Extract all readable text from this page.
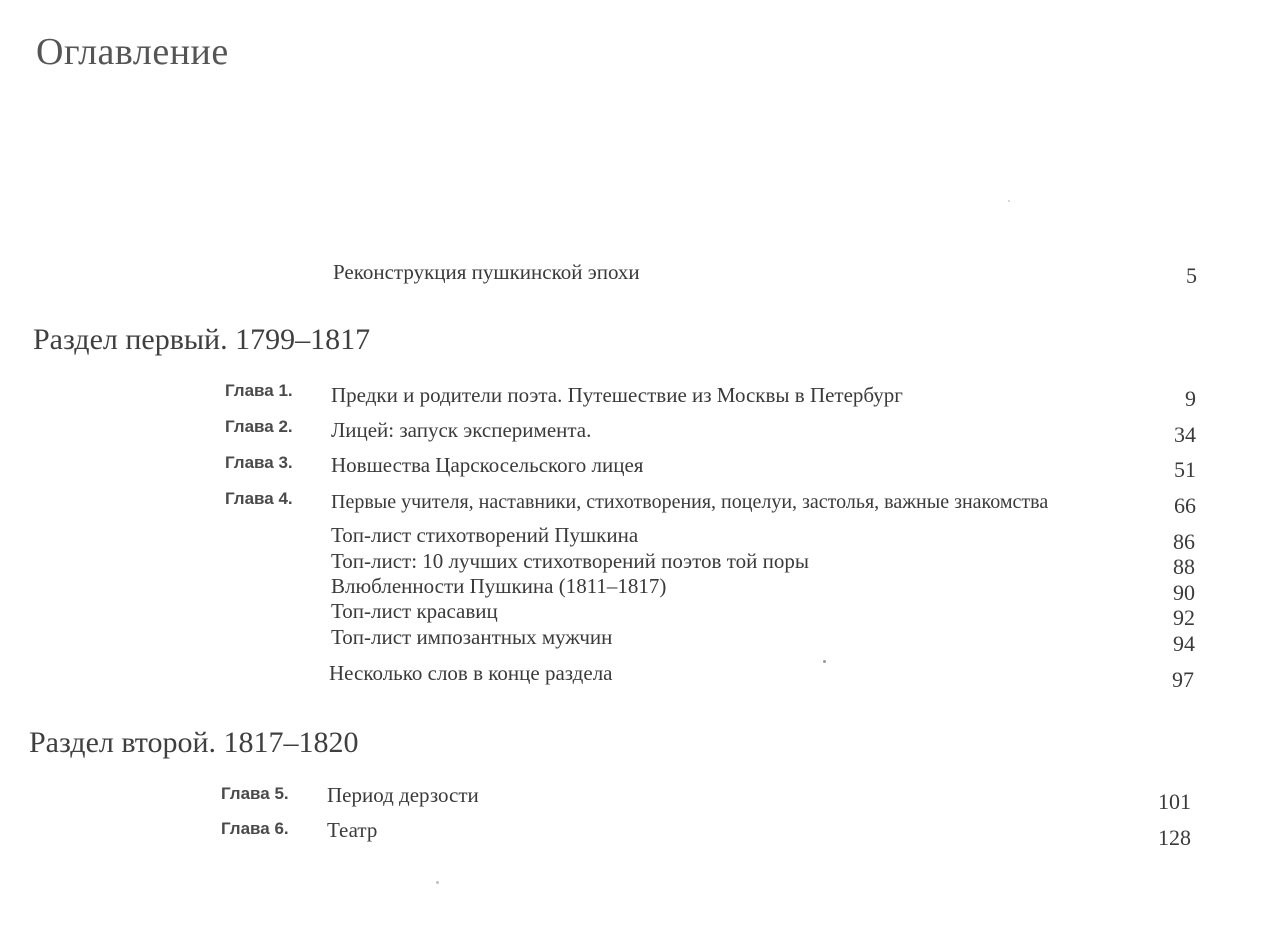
Оглавление
Реконструкция пушкинской эпохи	5
Раздел первый. 1799–1817
Глава 1. Предки и родители поэта. Путешествие из Москвы в Петербург	9
Глава 2. Лицей: запуск эксперимента.	34
Глава 3. Новшества Царскосельского лицея	51
Глава 4. Первые учителя, наставники, стихотворения, поцелуи, застолья, важные знакомства	66
Топ-лист стихотворений Пушкина	86
Топ-лист: 10 лучших стихотворений поэтов той поры	88
Влюбленности Пушкина (1811–1817)	90
Топ-лист красавиц	92
Топ-лист импозантных мужчин	94
Несколько слов в конце раздела	97
Раздел второй. 1817–1820
Глава 5. Период дерзости	101
Глава 6. Театр	128
